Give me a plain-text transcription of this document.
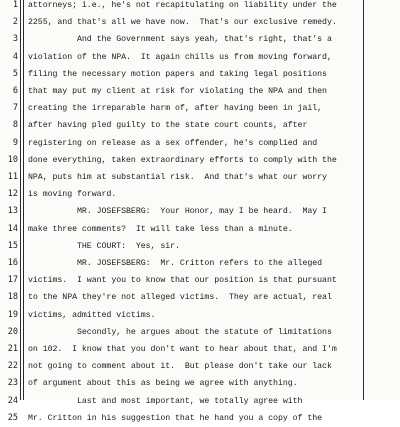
1 attorneys; i.e., he's not recapitulating on liability under the
2 2255, and that's all we have now.  That's our exclusive remedy.
3 And the Government says yeah, that's right, that's a
4 violation of the NPA.  It again chills us from moving forward,
5 filing the necessary motion papers and taking legal positions
6 that may put my client at risk for violating the NPA and then
7 creating the irreparable harm of, after having been in jail,
8 after having pled guilty to the state court counts, after
9 registering on release as a sex offender, he's complied and
10 done everything, taken extraordinary efforts to comply with the
11 NPA, puts him at substantial risk.  And that's what our worry
12 is moving forward.
13 MR. JOSEFSBERG:  Your Honor, may I be heard.  May I
14 make three comments?  It will take less than a minute.
15 THE COURT:  Yes, sir.
16 MR. JOSEFSBERG:  Mr. Critton refers to the alleged
17 victims.  I want you to know that our position is that pursuant
18 to the NPA they're not alleged victims.  They are actual, real
19 victims, admitted victims.
20 Secondly, he argues about the statute of limitations
21 on 102.  I know that you don't want to hear about that, and I'm
22 not going to comment about it.  But please don't take our lack
23 of argument about this as being we agree with anything.
24 Last and most important, we totally agree with
25 Mr. Critton in his suggestion that he hand you a copy of the
